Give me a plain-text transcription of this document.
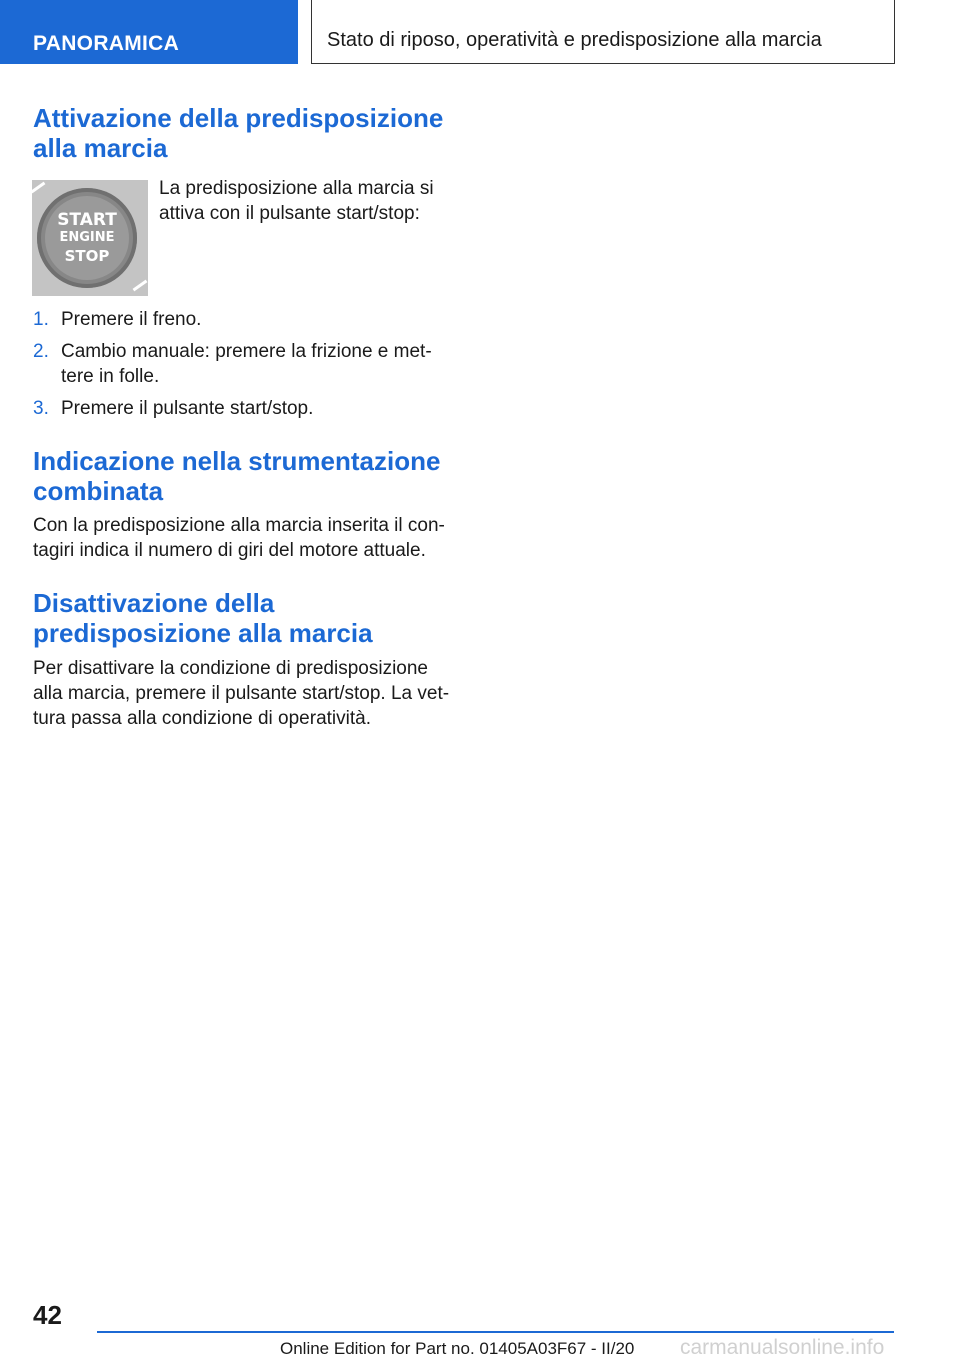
PANORAMICA	Stato di riposo, operatività e predisposizione alla marcia
Attivazione della predisposizione
alla marcia
START
ENGINE
STOP

La predisposizione alla marcia si
attiva con il pulsante start/stop:

1. Premere il freno.
2. Cambio manuale: premere la frizione e met-
tere in folle.
3. Premere il pulsante start/stop.
Indicazione nella strumentazione
combinata

Con la predisposizione alla marcia inserita il con-
tagiri indica il numero di giri del motore attuale.

Disattivazione della
predisposizione alla marcia

Per disattivare la condizione di predisposizione
alla marcia, premere il pulsante start/stop. La vet-
tura passa alla condizione di operatività.

42
Online Edition for Part no. 01405A03F67 - II/20 carmanualsonline.info
